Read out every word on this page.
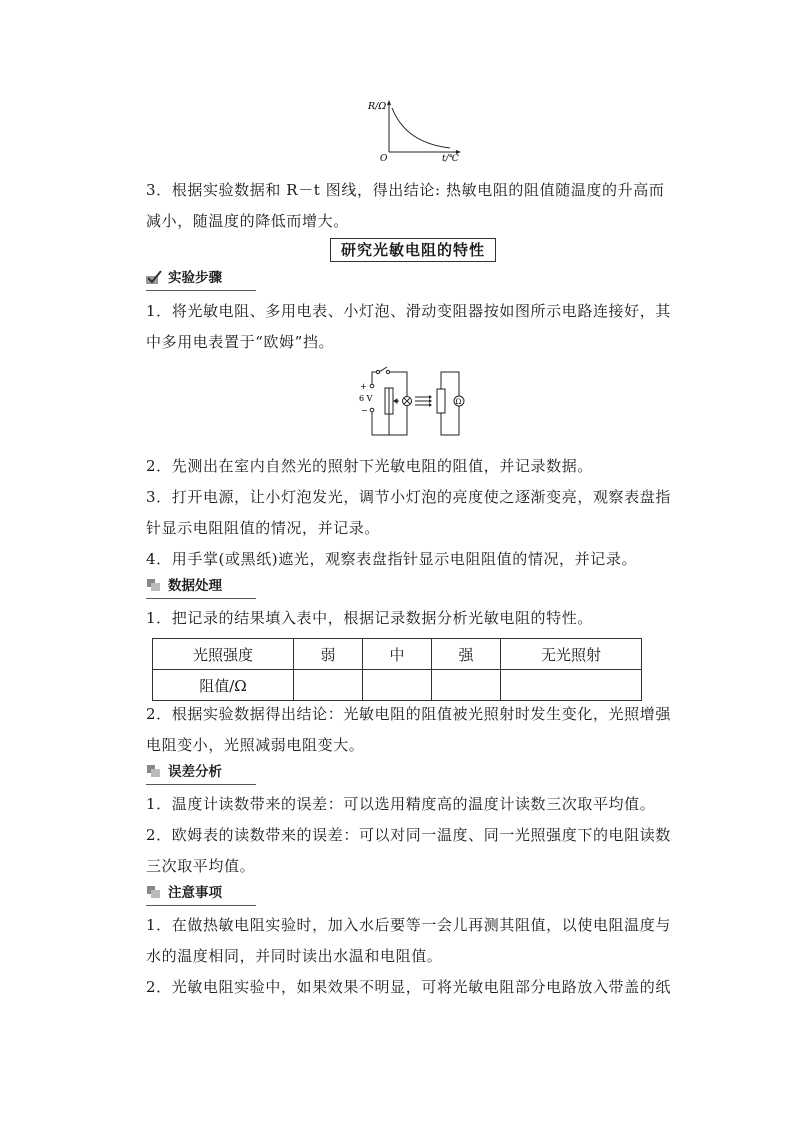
R/Ω
O	t/℃
3．根据实验数据和 R－t 图线，得出结论: 热敏电阻的阻值随温度的升高而减小，随温度的降低而增大。
研究光敏电阻的特性
实验步骤
1．将光敏电阻、多用电表、小灯泡、滑动变阻器按如图所示电路连接好，其中多用电表置于“欧姆”挡。
+
6 V
−
Ω
2．先测出在室内自然光的照射下光敏电阻的阻值，并记录数据。
3．打开电源，让小灯泡发光，调节小灯泡的亮度使之逐渐变亮，观察表盘指针显示电阻阻值的情况，并记录。
4．用手掌(或黑纸)遮光，观察表盘指针显示电阻阻值的情况，并记录。
数据处理
1．把记录的结果填入表中，根据记录数据分析光敏电阻的特性。
光照强度	弱	中	强	无光照射
阻值/Ω				
2．根据实验数据得出结论：光敏电阻的阻值被光照射时发生变化，光照增强电阻变小，光照减弱电阻变大。
误差分析
1．温度计读数带来的误差：可以选用精度高的温度计读数三次取平均值。
2．欧姆表的读数带来的误差：可以对同一温度、同一光照强度下的电阻读数三次取平均值。
注意事项
1．在做热敏电阻实验时，加入水后要等一会儿再测其阻值，以使电阻温度与水的温度相同，并同时读出水温和电阻值。
2．光敏电阻实验中，如果效果不明显，可将光敏电阻部分电路放入带盖的纸
